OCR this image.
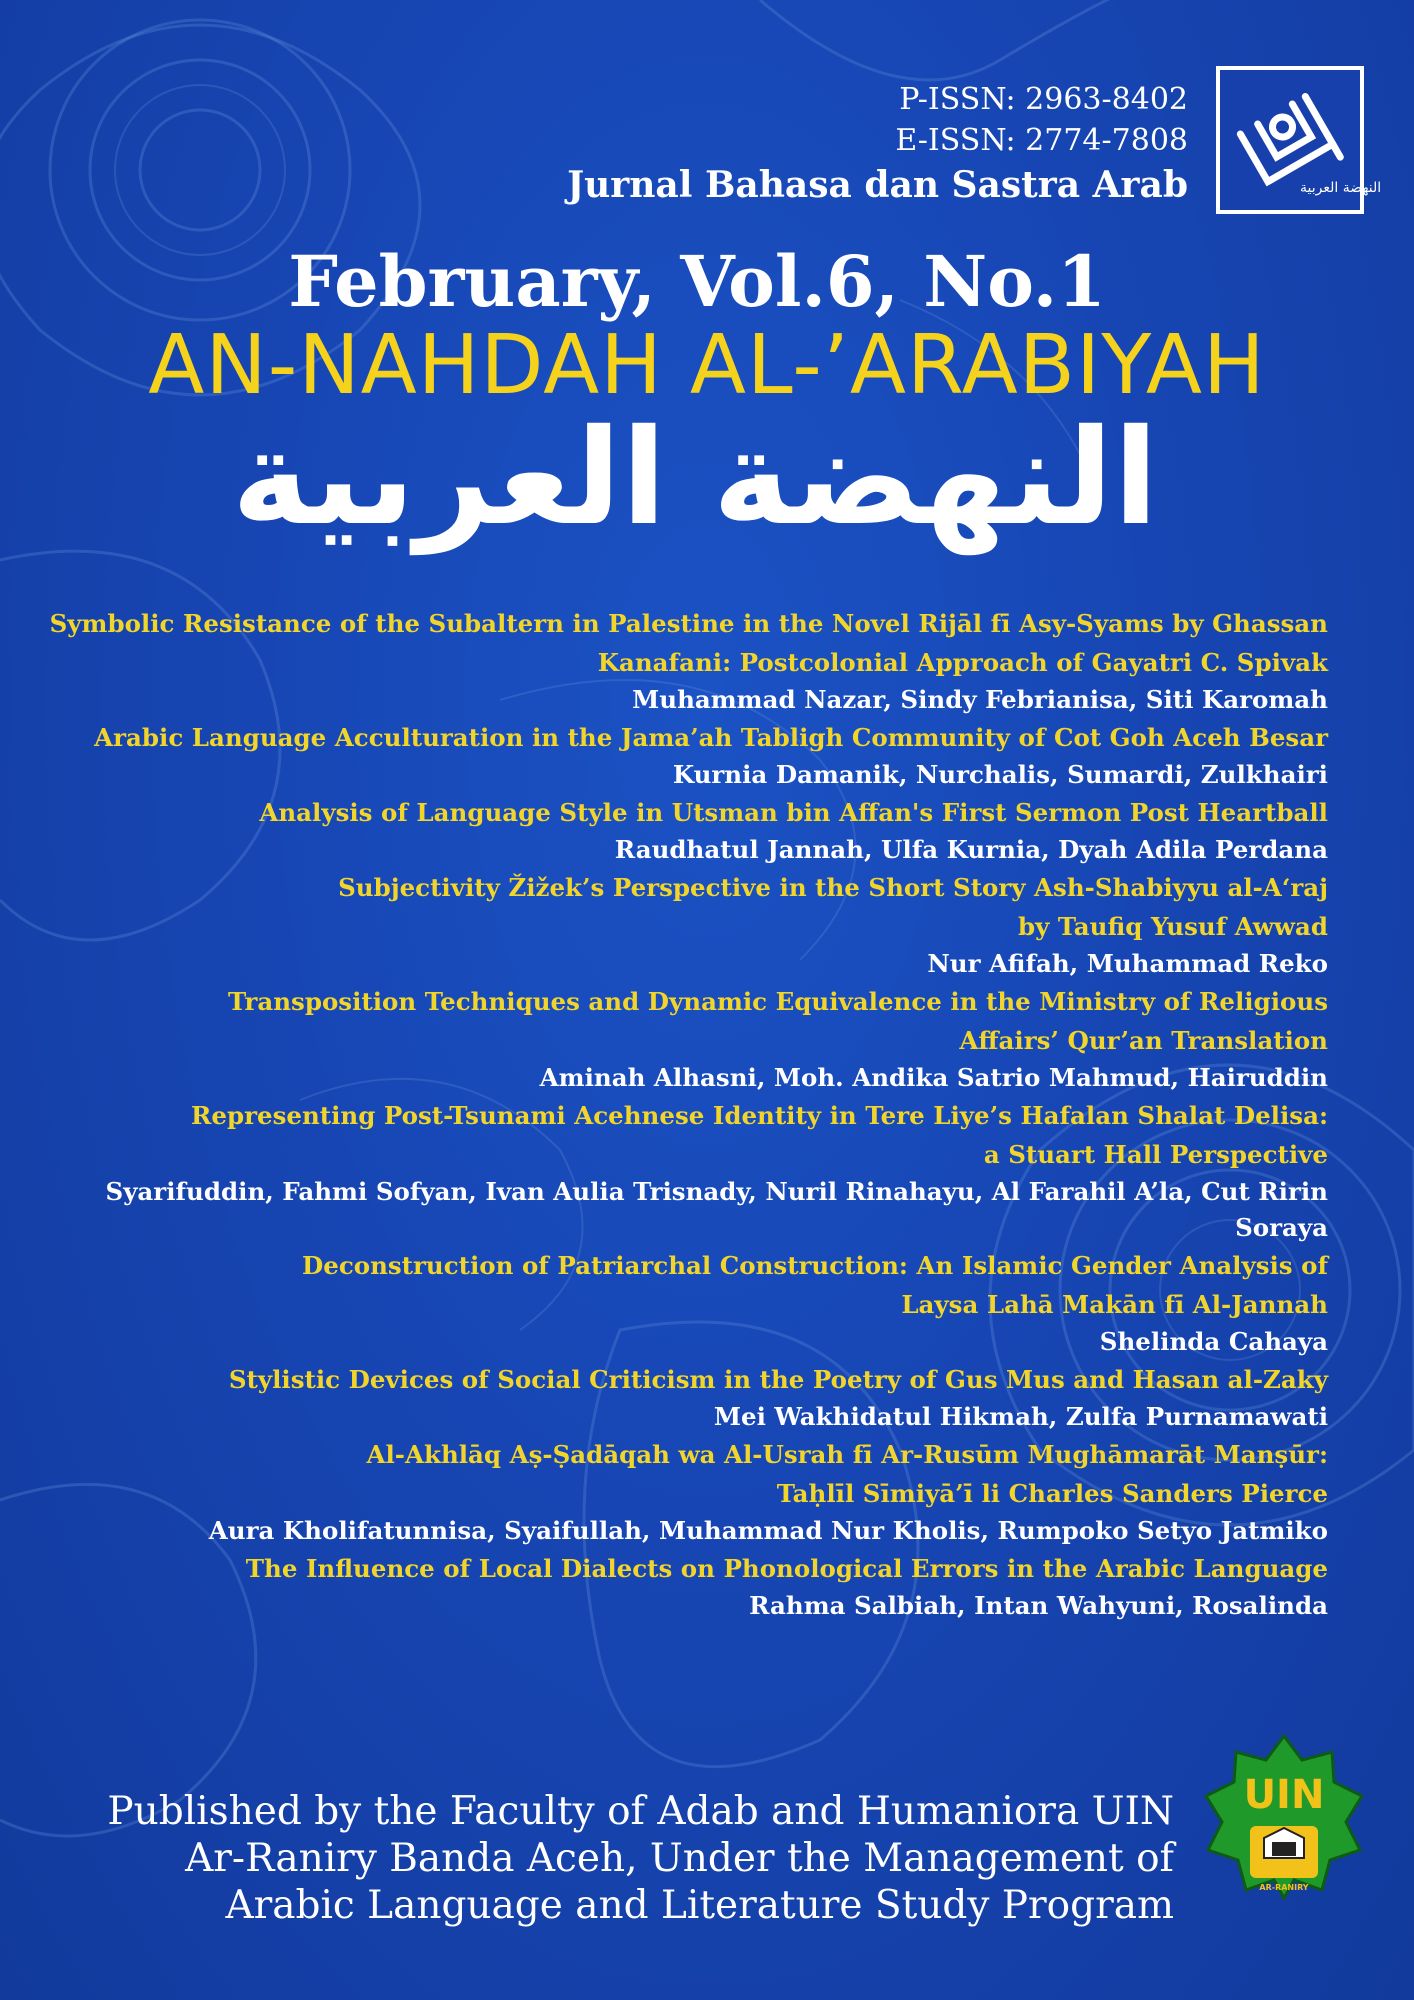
P-ISSN: 2963-8402
E-ISSN: 2774-7808
Jurnal Bahasa dan Sastra Arab	النهضة العربية
February, Vol.6, No.1
AN-NAHDAH AL-’ARABIYAH
النهضة العربية
Symbolic Resistance of the Subaltern in Palestine in the Novel Rijāl fī Asy-Syams by Ghassan
Kanafani: Postcolonial Approach of Gayatri C. Spivak
Muhammad Nazar, Sindy Febrianisa, Siti Karomah
Arabic Language Acculturation in the Jama’ah Tabligh Community of Cot Goh Aceh Besar
Kurnia Damanik, Nurchalis, Sumardi, Zulkhairi
Analysis of Language Style in Utsman bin Affan's First Sermon Post Heartball
Raudhatul Jannah, Ulfa Kurnia, Dyah Adila Perdana
Subjectivity Žižek’s Perspective in the Short Story Ash-Shabiyyu al-A‘raj
by Taufiq Yusuf Awwad
Nur Afifah, Muhammad Reko
Transposition Techniques and Dynamic Equivalence in the Ministry of Religious
Affairs’ Qur’an Translation
Aminah Alhasni, Moh. Andika Satrio Mahmud, Hairuddin
Representing Post-Tsunami Acehnese Identity in Tere Liye’s Hafalan Shalat Delisa:
a Stuart Hall Perspective
Syarifuddin, Fahmi Sofyan, Ivan Aulia Trisnady, Nuril Rinahayu, Al Farahil A’la, Cut Ririn Soraya
Deconstruction of Patriarchal Construction: An Islamic Gender Analysis of
Laysa Lahā Makān fī Al-Jannah
Shelinda Cahaya
Stylistic Devices of Social Criticism in the Poetry of Gus Mus and Hasan al-Zaky
Mei Wakhidatul Hikmah, Zulfa Purnamawati
Al-Akhlāq Aṣ-Ṣadāqah wa Al-Usrah fī Ar-Rusūm Mughāmarāt Manṣūr:
Taḥlīl Sīmiyā’ī li Charles Sanders Pierce
Aura Kholifatunnisa, Syaifullah, Muhammad Nur Kholis, Rumpoko Setyo Jatmiko
The Influence of Local Dialects on Phonological Errors in the Arabic Language
Rahma Salbiah, Intan Wahyuni, Rosalinda
Published by the Faculty of Adab and Humaniora UIN
Ar-Raniry Banda Aceh, Under the Management of
Arabic Language and Literature Study Program
UIN
AR-RANIRY
